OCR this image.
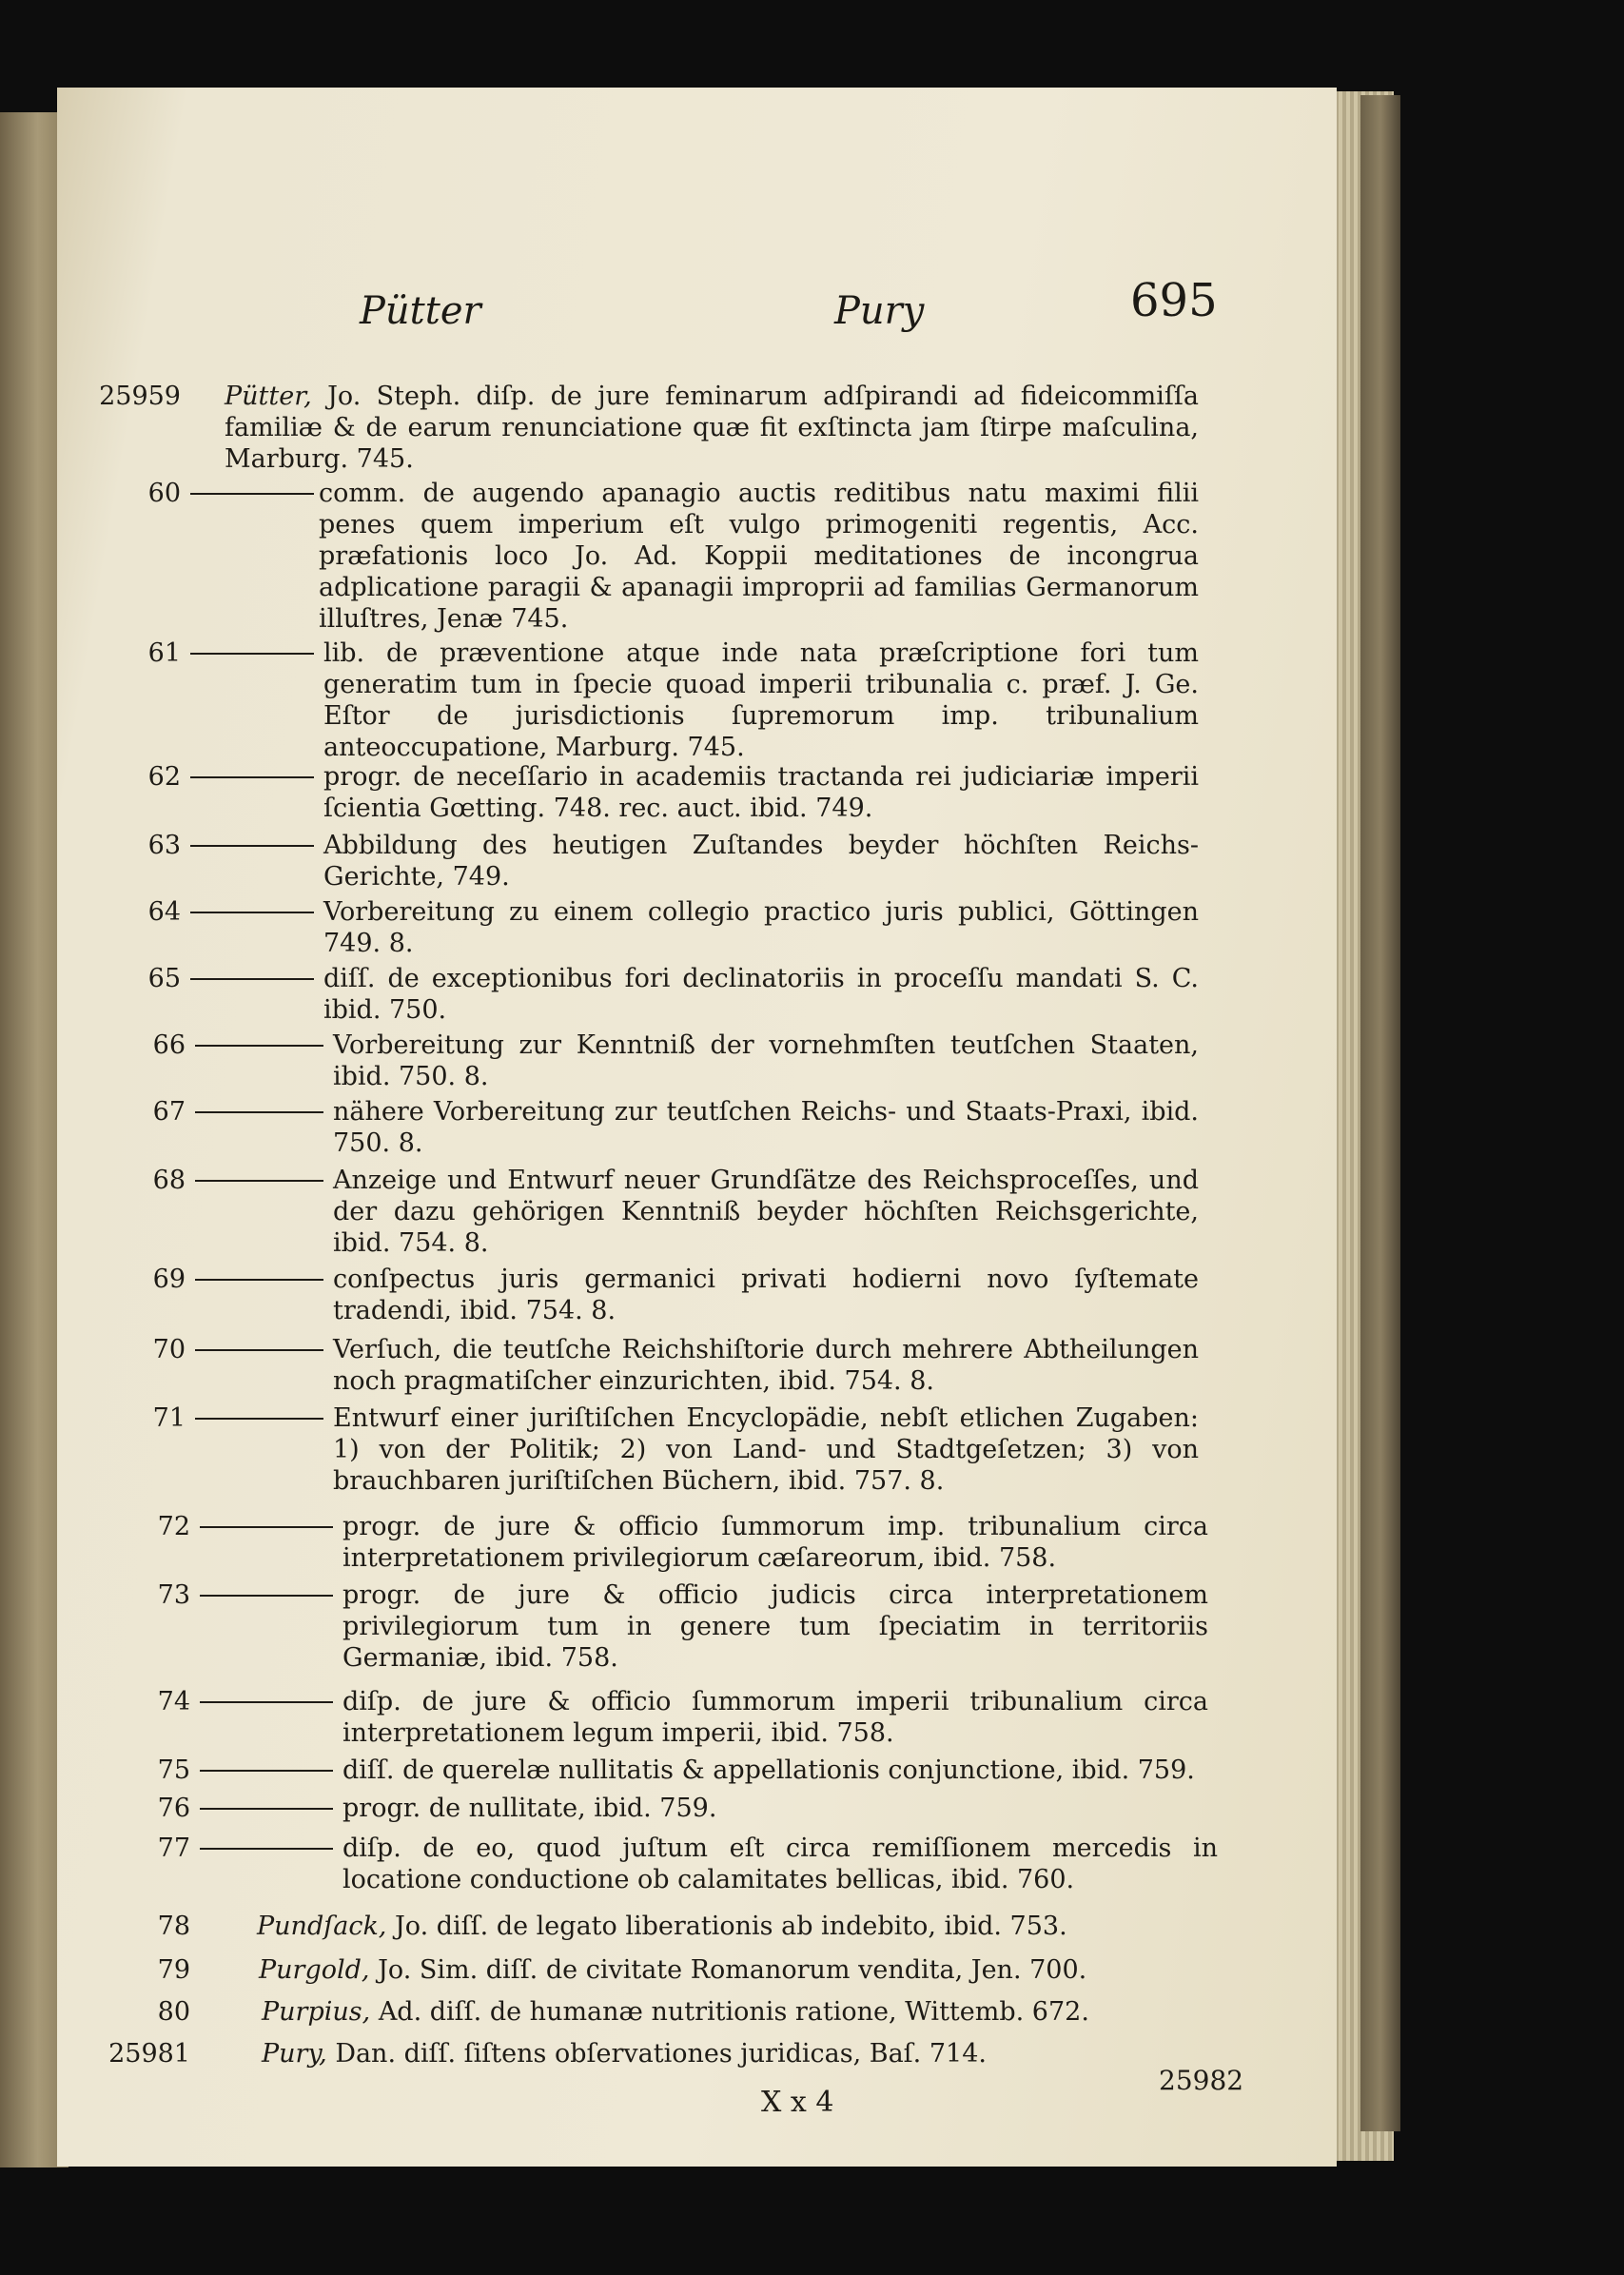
Pütter	Pury	695
25959 Pütter, Jo. Steph. diſp. de jure feminarum adſpirandi ad fideicommiſſa familiæ & de earum renunciatione quæ fit exſtincta jam ſtirpe maſculina, Marburg. 745.
60	comm. de augendo apanagio auctis reditibus natu maximi filii penes quem imperium eſt vulgo primogeniti regentis, Acc. præfationis loco Jo. Ad. Koppii meditationes de incongrua adplicatione paragii & apanagii improprii ad familias Germanorum illuſtres, Jenæ 745.
61	lib. de præventione atque inde nata præſcriptione fori tum generatim tum in ſpecie quoad imperii tribunalia c. præf. J. Ge. Eſtor de jurisdictionis ſupremorum imp. tribunalium anteoccupatione, Marburg. 745.
62	progr. de neceſſario in academiis tractanda rei judiciariæ imperii ſcientia Gœtting. 748. rec. auct. ibid. 749.
63	Abbildung des heutigen Zuſtandes beyder höchſten Reichs-Gerichte, 749.
64	Vorbereitung zu einem collegio practico juris publici, Göttingen 749. 8.
65	diſſ. de exceptionibus fori declinatoriis in proceſſu mandati S. C. ibid. 750.
66	Vorbereitung zur Kenntniß der vornehmſten teutſchen Staaten, ibid. 750. 8.
67	nähere Vorbereitung zur teutſchen Reichs- und Staats-Praxi, ibid. 750. 8.
68	Anzeige und Entwurf neuer Grundſätze des Reichsproceſſes, und der dazu gehörigen Kenntniß beyder höchſten Reichsgerichte, ibid. 754. 8.
69	conſpectus juris germanici privati hodierni novo ſyſtemate tradendi, ibid. 754. 8.
70	Verſuch, die teutſche Reichshiſtorie durch mehrere Abtheilungen noch pragmatiſcher einzurichten, ibid. 754. 8.
71	Entwurf einer juriſtiſchen Encyclopädie, nebſt etlichen Zugaben: 1) von der Politik; 2) von Land- und Stadtgeſetzen; 3) von brauchbaren juriſtiſchen Büchern, ibid. 757. 8.
72	progr. de jure & officio ſummorum imp. tribunalium circa interpretationem privilegiorum cæſareorum, ibid. 758.
73	progr. de jure & officio judicis circa interpretationem privilegiorum tum in genere tum ſpeciatim in territoriis Germaniæ, ibid. 758.
74	diſp. de jure & officio ſummorum imperii tribunalium circa interpretationem legum imperii, ibid. 758.
75	diſſ. de querelæ nullitatis & appellationis conjunctione, ibid. 759.
76	progr. de nullitate, ibid. 759.
77	diſp. de eo, quod juſtum eſt circa remiſſionem mercedis in locatione conductione ob calamitates bellicas, ibid. 760.
78	Pundſack, Jo. diſſ. de legato liberationis ab indebito, ibid. 753.
79	Purgold, Jo. Sim. diſſ. de civitate Romanorum vendita, Jen. 700.
80	Purpius, Ad. diſſ. de humanæ nutritionis ratione, Wittemb. 672.
25981	Pury, Dan. diſſ. ſiſtens obſervationes juridicas, Baſ. 714.
X x 4
25982
